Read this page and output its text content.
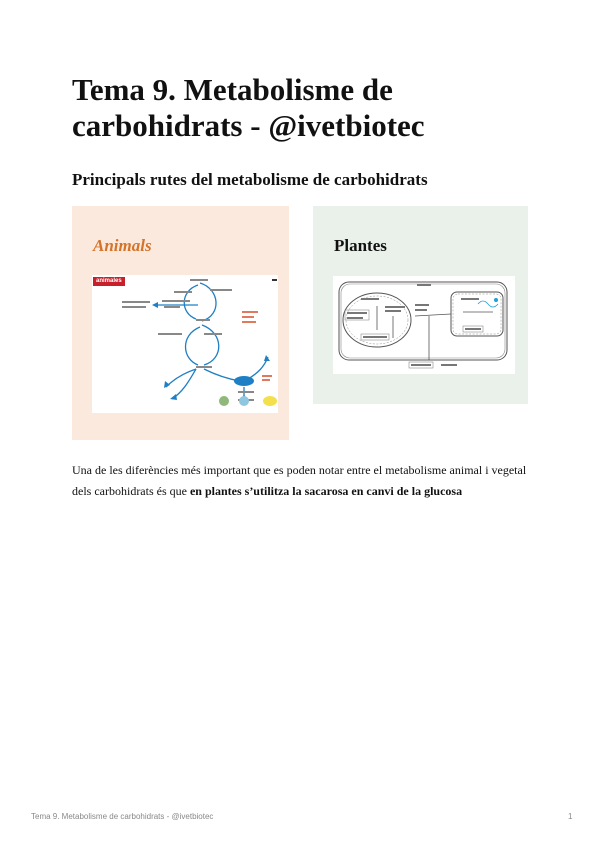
Tema 9. Metabolisme de carbohidrats - @ivetbiotec
Principals rutes del metabolisme de carbohidrats
Animals
animales
Plantes

Una de les diferències més important que es poden notar entre el metabolisme animal i vegetal dels carbohidrats és que en plantes s’utilitza la sacarosa en canvi de la glucosa

Tema 9. Metabolisme de carbohidrats - @ivetbiotec	1
